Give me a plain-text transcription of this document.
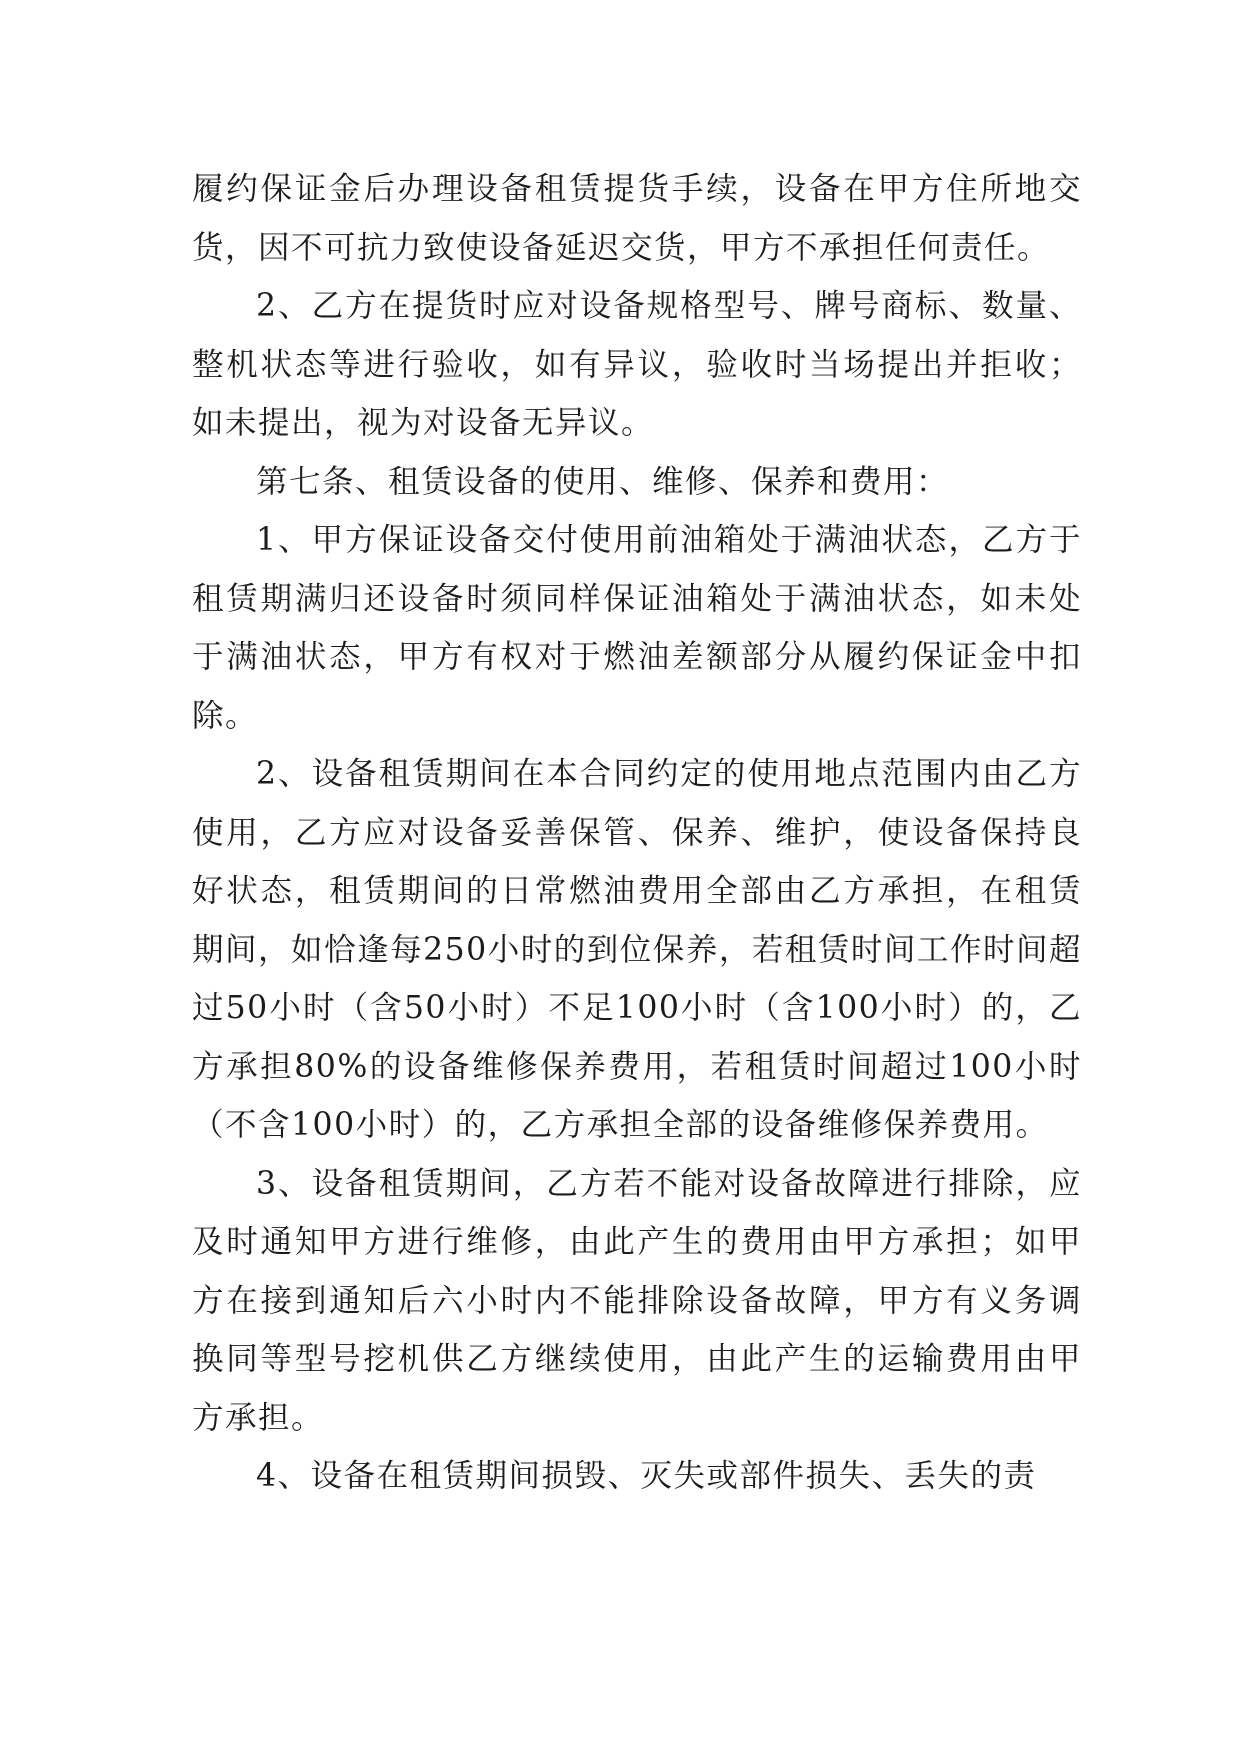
履约保证金后办理设备租赁提货手续，设备在甲方住所地交货，因不可抗力致使设备延迟交货，甲方不承担任何责任。

2、乙方在提货时应对设备规格型号、牌号商标、数量、整机状态等进行验收，如有异议，验收时当场提出并拒收；如未提出，视为对设备无异议。

第七条、租赁设备的使用、维修、保养和费用：

1、甲方保证设备交付使用前油箱处于满油状态，乙方于租赁期满归还设备时须同样保证油箱处于满油状态，如未处于满油状态，甲方有权对于燃油差额部分从履约保证金中扣除。

2、设备租赁期间在本合同约定的使用地点范围内由乙方使用，乙方应对设备妥善保管、保养、维护，使设备保持良好状态，租赁期间的日常燃油费用全部由乙方承担，在租赁期间，如恰逢每250小时的到位保养，若租赁时间工作时间超过50小时（含50小时）不足100小时（含100小时）的，乙方承担80%的设备维修保养费用，若租赁时间超过100小时（不含100小时）的，乙方承担全部的设备维修保养费用。

3、设备租赁期间，乙方若不能对设备故障进行排除，应及时通知甲方进行维修，由此产生的费用由甲方承担；如甲方在接到通知后六小时内不能排除设备故障，甲方有义务调换同等型号挖机供乙方继续使用，由此产生的运输费用由甲方承担。

4、设备在租赁期间损毁、灭失或部件损失、丢失的责
